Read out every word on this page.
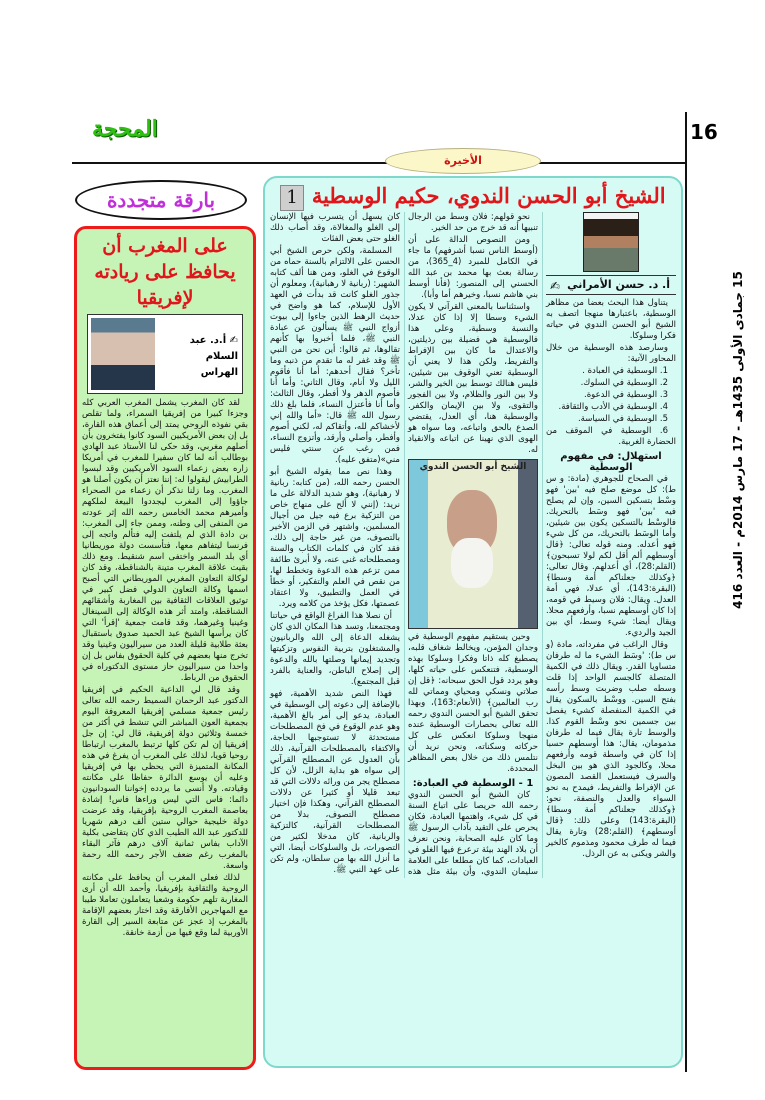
المحجة	16
الأخيرة
15 جمادى الأولى 1435هـ - 17 مارس 2014م - العدد 416
الشيخ أبو الحسن الندوي، حكيم الوسطية1
أ. د. حسن الأمراني
✍

يتناول هذا البحث بعضا من مظاهر الوسطية، باعتبارها منهجا اتصف به الشيخ أبو الحسن الندوي في حياته فكرا وسلوكا.

وسارصد هذه الوسطية من خلال المحاور الآتية:

1. الوسطية في العبادة .

2. الوسطية في السلوك.

3. الوسطية في الدعوة.

4. الوسطية في الأدب والثقافة.

5. الوسطية في السياسة.

6. الوسطية في الموقف من الحضارة الغربية.

استهلال: في مفهوم الوسطية

في الصحاح للجوهري (مادة: و س ط): كل موضع صلح فيه 'بين' فهو وسْط بتسكين السين، وإن لم يصلح فيه 'بين' فهو وسَط بالتحريك. فالوسْط بالتسكين يكون بين شيئين، وأما الوسَط بالتحريك، من كل شيء فهو أعدله. ومنه قوله تعالى: ﴿قال أوسطهم ألم أقل لكم لولا تسبحون﴾ (القلم:28)، أي أعدلهم. وقال تعالى: ﴿وكذلك جعلناكم أمة وسطا﴾ (البقرة:143)، أي عدلا، فهي أمة العدل. ويقال: فلان وسيط في قومه، إذا كان أوسطهم نسبا، وأرفعهم محلا. ويقال أيضا: شيء وسط، أي بين الجيد والرديء.

وقال الراغب في مفرداته، مادة (و س ط): 'وسَط الشيء ما له طرفان متساويا القدر. ويقال ذلك في الكمية المتصلة كالجسم الواحد إذا قلت وسطه صلب وضربت وسط رأسه بفتح السين. ووسْط بالسكون يقال في الكمية المنفصلة كشيء يفصل بين جسمين نحو وسْط القوم كذا. والوسط تارة يقال فيما له طرفان مذمومان، يقال: هذا أوسطهم حسبا إذا كان في واسطة قومه وأرفعهم محلا، وكالجود الذي هو بين البخل والسرف فيستعمل القصد المصون عن الإفراط والتفريط، فيمدح به نحو السواء والعدل والنصفة، نحو: ﴿وكذلك جعلناكم أمة وسطا﴾ (البقرة:143) وعلى ذلك: ﴿قال أوسطهم﴾ (القلم:28) وتارة يقال فيما له طرف محمود ومذموم كالخير والشر ويكنى به عن الرذل.

نحو قولهم: فلان وسط من الرجال تنبيها أنه قد خرج من حد الخير.

ومن النصوص الدالة على أن (أوسط الناس نسبا أشرفهم) ما جاء في الكامل للمبرد (4_365)، من رسالة بعث بها محمد بن عبد الله الحسني إلى المنصور: (فأنا أوسط بني هاشم نسبا، وخيرهم أما وأبا).

واستئناسا بالمعنى القرآني لا يكون الشيء وسطا إلا إذا كان عدلا، والنسبة وسطية، وعلى هذا فالوسطية هي فضيلة بين رذيلتين، والاعتدال ما كان بين الإفراط والتفريط، ولكن هذا لا يعني أن الوسطية تعني الوقوف بين شيئين، فليس هنالك توسط بين الخير والشر، ولا بين النور والظلام، ولا بين الفجور والتقوى، ولا بين الإيمان والكفر. والوسطية هنا، أي العدل، يقتضي الصدع بالحق واتباعه، وما سواه هو الهوى الذي نهينا عن اتباعه والانقياد له.

الشيخ أبو الحسن الندوي

وحين يستقيم مفهوم الوسطية في وجدان المؤمن، ويخالط شغاف قلبه، يصطبغ كله ذاتا وفكرا وسلوكا بهذه الوسطية، فتنعكس على حياته كلها، وهو يردد قول الحق سبحانه: ﴿قل إن صلاتي ونسكي ومحياي ومماتي لله رب العالمين﴾ (الأنعام:163)، وبهذا تحقق الشيخ أبو الحسن الندوي رحمه الله تعالى بحصارات الوسطية عنده منهجا وسلوكا انعكس على كل حركاته وسكناته، ونحن نريد أن نتلمس ذلك من خلال بعض المظاهر المحددة.

1 - الوسطية في العبادة:

كان الشيخ أبو الحسن الندوي رحمه الله حريصا على اتباع السنة في كل شيء، واهتمها العبادة، فكان يحرص على التقيد بآداب الرسول ﷺ وما كان عليه الصحابة، ونحن نعرف أن بلاد الهند بيئة ترعرع فيها الغلو في العبادات، كما كان مطلعا على العلامة سليمان الندوي، وأن بيئة مثل هذه كان يسهل أن يتسرب فيها الإنسان إلى الغلو والمغالاة، وقد أصاب ذلك الغلو حتى بعض الفئات

المسلمة، ولكن حرص الشيخ أبي الحسن على الالتزام بالسنة حماه من الوقوع في الغلو، ومن هنا ألف كتابه الشهير: (ربانية لا رهبانية)، ومعلوم أن جذور الغلو كانت قد بدأت في العهد الأول للإسلام، كما هو واضح في حديث الرهط الذين جاءوا إلى بيوت أزواج النبي ﷺ يسألون عن عبادة النبي ﷺ، فلما أخبروا بها كأنهم تقالوها، ثم قالوا: أين نحن من النبي ﷺ وقد غفر له ما تقدم من ذنبه وما تأخر؟ فقال أحدهم: أما أنا فأقوم الليل ولا أنام، وقال الثاني: وأما أنا فأصوم الدهر ولا أفطر، وقال الثالث: وأما أنا فأعتزل النساء، فلما بلغ ذلك رسول الله ﷺ قال: «أما والله إني لأخشاكم لله، وأتقاكم له، لكني أصوم وأفطر، وأصلي وأرقد، وأتزوج النساء، فمن رغب عن سنتي فليس مني»(متفق عليه).

وهذا نص مما يقوله الشيخ أبو الحسن رحمه الله، (من كتابه: ربانية لا رهبانية)، وهو شديد الدلالة على ما نريد: (إنني لا ألح على منهاج خاص من التزكية برع فيه جيل من أجيال المسلمين، واشتهر في الزمن الأخير بالتصوف، من غير حاجة إلى ذلك، فقد كان في كلمات الكتاب والسنة ومصطلحاته غنى عنه، ولا أبرئ طائفة ممن تزعم هذه الدعوة وتخطط لها، من نقص في العلم والتفكير، أو خطأ في العمل والتطبيق، ولا اعتقاد عصمتها، فكل يؤخذ من كلامه ويرد.

أن نصلا هذا الفراغ الواقع في حياتنا ومجتمعنا، وتسد هذا المكان الذي كان يشغله الدعاة إلى الله والربانيون والمشتغلون بتربية النفوس وتزكيتها وتجديد إيمانها وصلتها بالله والدعوة إلى إصلاح الباطن، والعناية بالفرد قبل المجتمع).

فهذا النص شديد الأهمية، فهو بالإضافة إلى دعوته إلى الوسطية في العبادة، يدعو إلى أمر بالغ الأهمية، وهو عدم الوقوع في فخ المصطلحات مستحدثة لا تستوجبها الحاجة، والاكتفاء بالمصطلحات القرآنية، ذلك بأن العدول عن المصطلح القرآني إلى سواه هو بداية الزلل، لأن كل مصطلح يجر من ورائه دلالات التي قد تبعد قليلا أو كثيرا عن دلالات المصطلح القرآني، وهكذا فإن اختيار مصطلح التصوف، بدلا من المصطلحات القرآنية، كالتزكية والربانية، كان مدخلا لكثير من التصورات، بل والسلوكات أيضا، التي ما أنزل الله بها من سلطان، ولم تكن على عهد النبي ﷺ.

بارقة متجددة
على المغرب أن يحافظ على ريادته لإفريقيا
✍ أ.د. عبد السلام الهراس

لقد كان المغرب يشمل المغرب العربي كله وجزءا كبيرا من إفريقيا السمراء، ولما تقلص بقي نفوذه الروحي يمتد إلى أعماق هذه القارة، بل إن بعض الأمريكيين السود كانوا يفتخرون بأن أصلهم مغربي، وقد حكى لنا الأستاذ عبد الهادي بوطالب أنه لما كان سفيرا للمغرب في أمريكا زاره بعض زعماء السود الأمريكيين وقد لبسوا الطرابيش ليقولوا له: إننا نعتز أن يكون أصلنا هو المغرب. وما زلنا نذكر أن زعماء من الصحراء جاؤوا إلى المغرب ليجددوا البيعة لملكهم وأميرهم محمد الخامس رحمه الله إثر عودته من المنفى إلى وطنه، وممن جاء إلى المغرب: بن دادة الذي لم يلتفت إليه فتألم واتجه إلى فرنسا ليتفاهم معها، فتأسست دولة موريطانيا أي بلد السمر واختفى اسم شنقيط. ومع ذلك بقيت علاقة المغرب متينة بالشناقطة، وقد كان لوكالة التعاون المغربي الموريطاني التي أصبح اسمها وكالة التعاون الدولي فضل كبير في توثيق العلاقات الثقافية بين المغاربة وأشقائهم الشناقطة، وامتد أثر هذه الوكالة إلى السينغال وغينيا وغيرهما، وقد قامت جمعية 'إقرأ' التي كان يرأسها الشيخ عبد الحميد صدوق باستقبال بعثة طلابية قليلة العدد من سيراليون وغينيا وقد تخرج منها بعضهم في كلية الحقوق بفاس بل إن واحدا من سيراليون حاز مستوى الدكتوراه في الحقوق من الرباط.

وقد قال لي الداعية الحكيم في إفريقيا الدكتور عبد الرحمان السميط رحمه الله تعالى رئيس جمعية مسلمي إفريقيا المعروفة اليوم بجمعية العون المباشر التي تنشط في أكثر من خمسة وثلاثين دولة إفريقية، قال لي: إن جل إفريقيا إن لم تكن كلها ترتبط بالمغرب ارتباطا روحيا قويا، لذلك على المغرب أن يفرغ في هذه المكانة المتميزة التي يحظى بها في إفريقيا وعليه أن يوسع الدائرة حفاظا على مكانته وقيادته. ولا أنسى ما يردده إخواننا السودانيون دائما: فاس التي ليس وراءها فاس! إشادة بعاصمة المغرب الروحية بإفريقيا، وقد عرضت دولة خليجية حوالي ستين ألف درهم شهريا للدكتور عبد الله الطيب الذي كان يتقاضى بكلية الآداب بفاس ثمانية آلاف درهم فآثر البقاء بالمغرب رغم ضعف الأجر رحمه الله رحمة واسعة.

لذلك فعلى المغرب أن يحافظ على مكانته الروحية والثقافية بإفريقيا، وأحمد الله أن أرى المغاربة تلهم حكومة وشعبا يتعاملون تعاملا طيبا مع المهاجرين الأفارقة وقد اختار بعضهم الإقامة بالمغرب إذ عجز عن متابعة السير إلى القارة الأوربية لما وقع فيها من أزمة خانقة.
